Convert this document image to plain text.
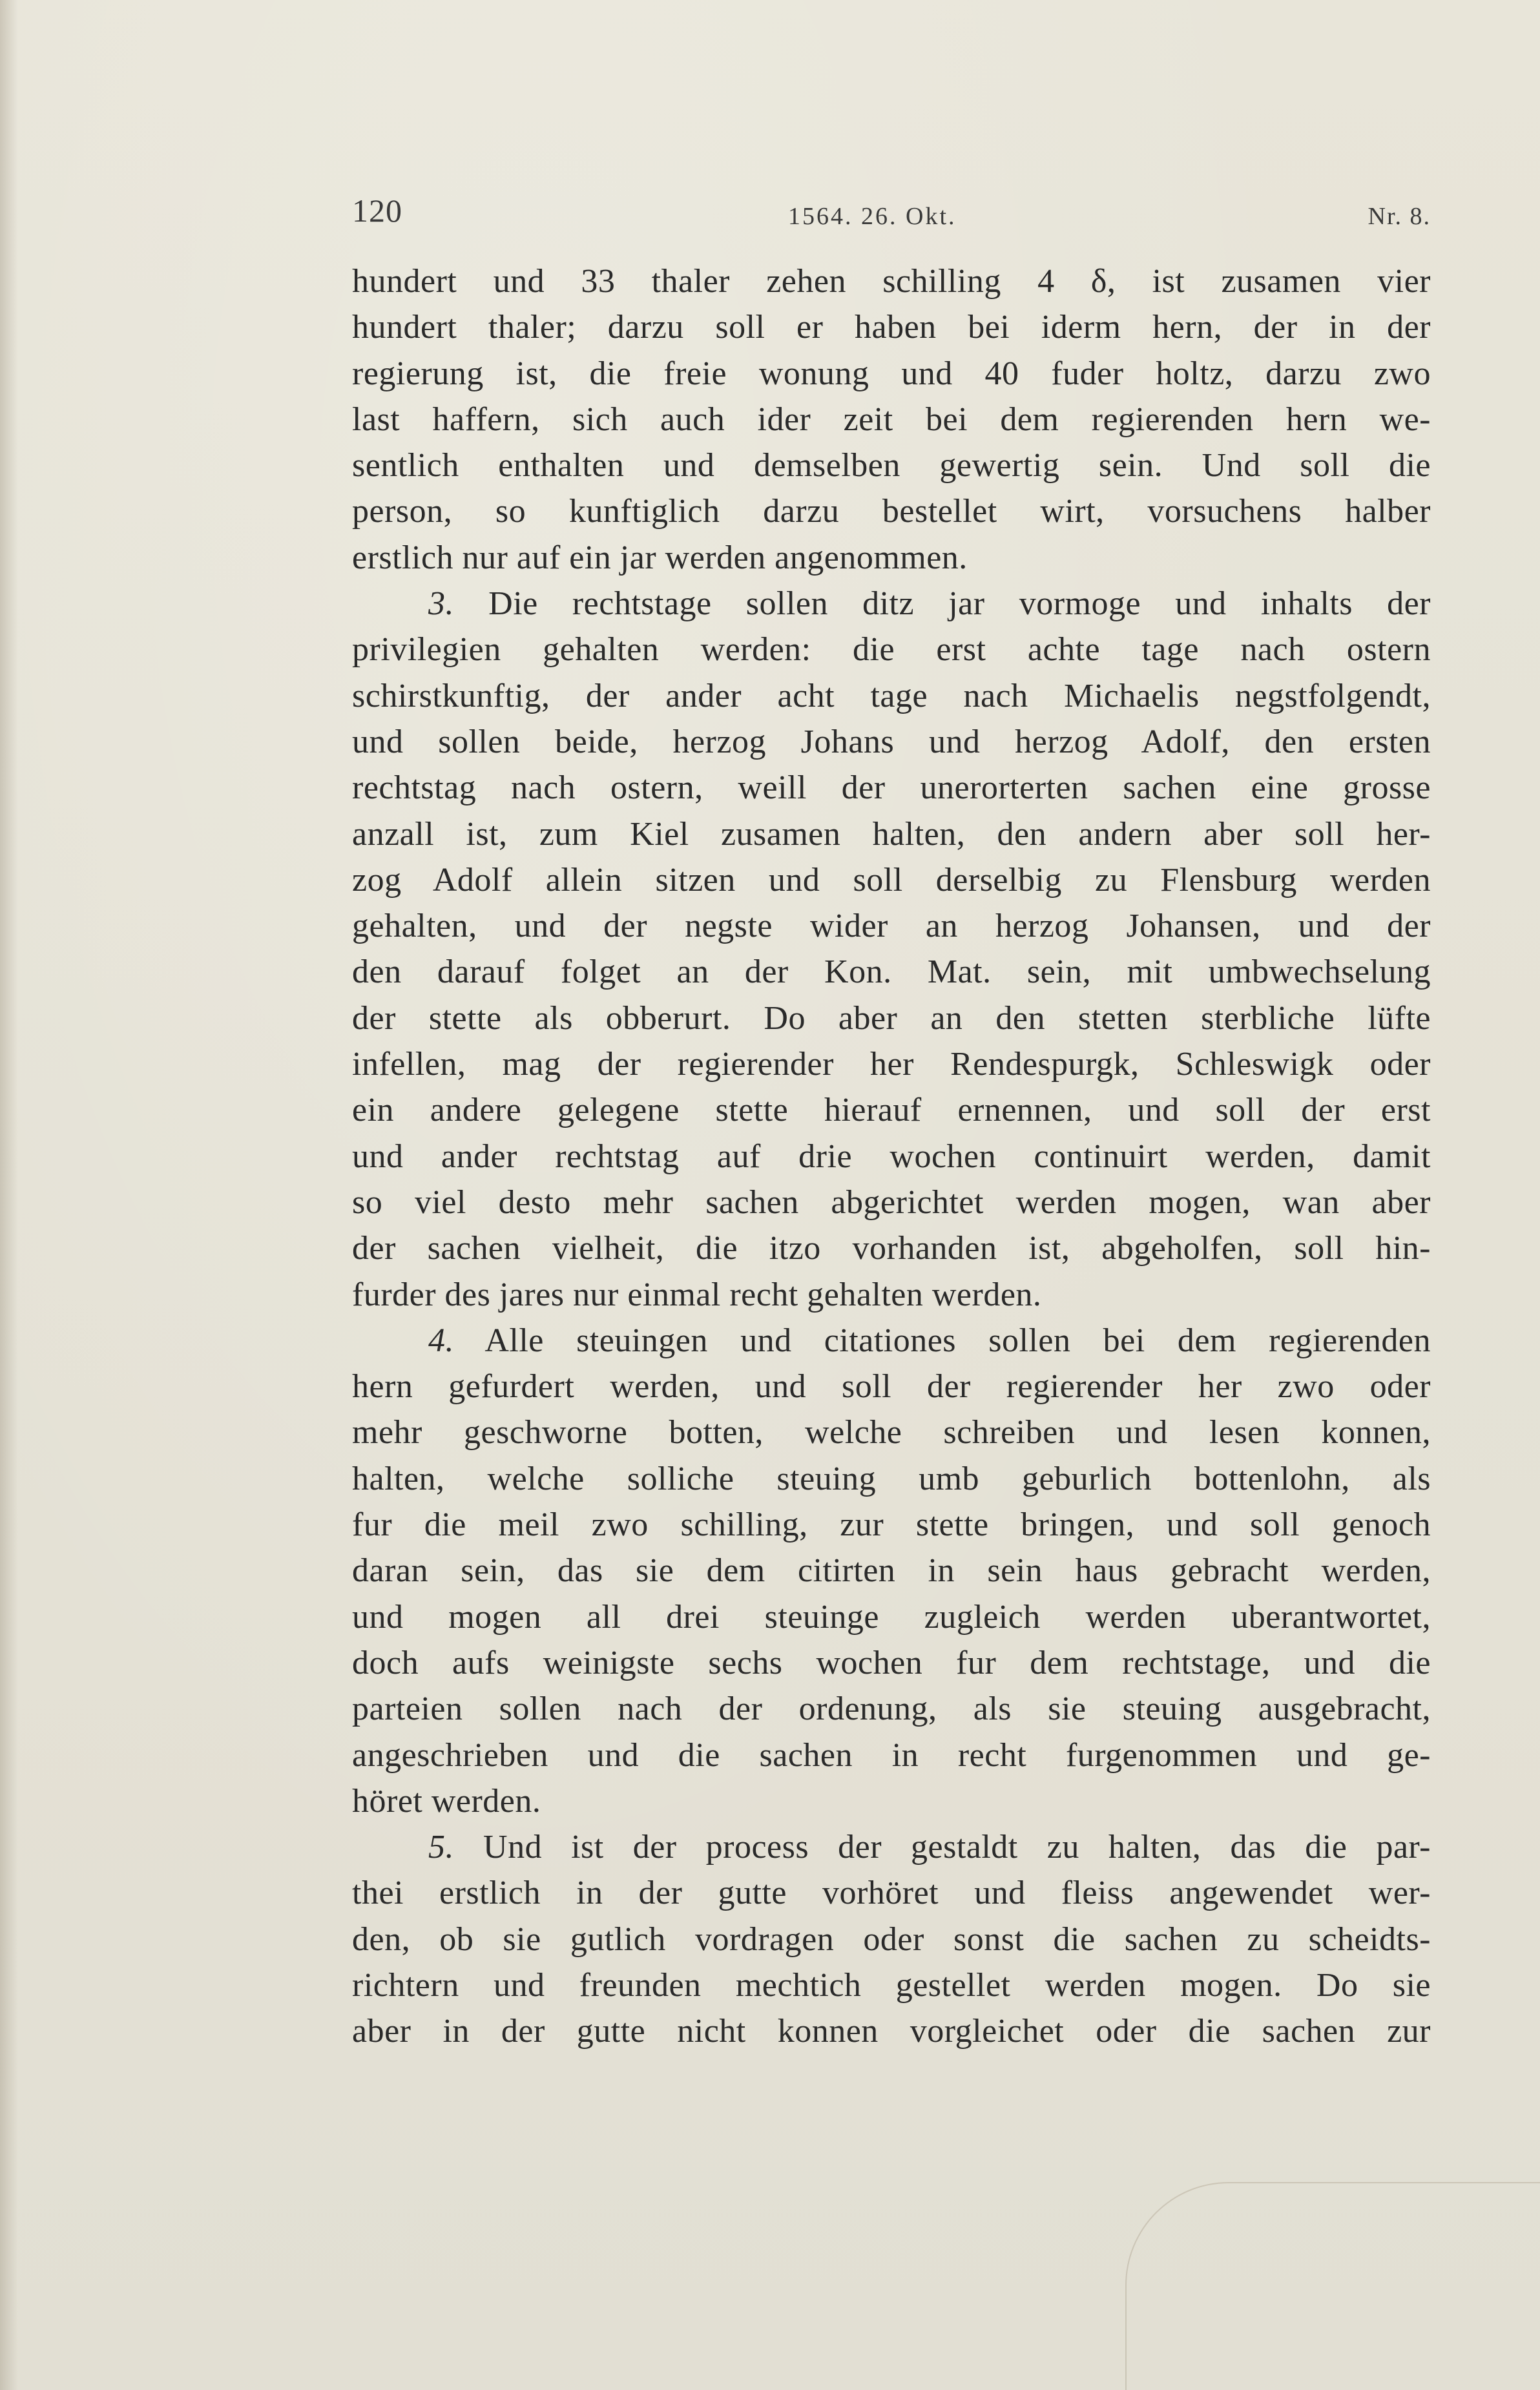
120	1564. 26. Okt.	Nr. 8.
hundert und 33 thaler zehen schilling 4 δ, ist zusamen vier
hundert thaler; darzu soll er haben bei iderm hern, der in der
regierung ist, die freie wonung und 40 fuder holtz, darzu zwo
last haffern, sich auch ider zeit bei dem regierenden hern we-
sentlich enthalten und demselben gewertig sein. Und soll die
person, so kunftiglich darzu bestellet wirt, vorsuchens halber
erstlich nur auf ein jar werden angenommen.
3. Die rechtstage sollen ditz jar vormoge und inhalts der
privilegien gehalten werden: die erst achte tage nach ostern
schirstkunftig, der ander acht tage nach Michaelis negstfolgendt,
und sollen beide, herzog Johans und herzog Adolf, den ersten
rechtstag nach ostern, weill der unerorterten sachen eine grosse
anzall ist, zum Kiel zusamen halten, den andern aber soll her-
zog Adolf allein sitzen und soll derselbig zu Flensburg werden
gehalten, und der negste wider an herzog Johansen, und der
den darauf folget an der Kon. Mat. sein, mit umbwechselung
der stette als obberurt. Do aber an den stetten sterbliche lüfte
infellen, mag der regierender her Rendespurgk, Schleswigk oder
ein andere gelegene stette hierauf ernennen, und soll der erst
und ander rechtstag auf drie wochen continuirt werden, damit
so viel desto mehr sachen abgerichtet werden mogen, wan aber
der sachen vielheit, die itzo vorhanden ist, abgeholfen, soll hin-
furder des jares nur einmal recht gehalten werden.
4. Alle steuingen und citationes sollen bei dem regierenden
hern gefurdert werden, und soll der regierender her zwo oder
mehr geschworne botten, welche schreiben und lesen konnen,
halten, welche solliche steuing umb geburlich bottenlohn, als
fur die meil zwo schilling, zur stette bringen, und soll genoch
daran sein, das sie dem citirten in sein haus gebracht werden,
und mogen all drei steuinge zugleich werden uberantwortet,
doch aufs weinigste sechs wochen fur dem rechtstage, und die
parteien sollen nach der ordenung, als sie steuing ausgebracht,
angeschrieben und die sachen in recht furgenommen und ge-
höret werden.
5. Und ist der process der gestaldt zu halten, das die par-
thei erstlich in der gutte vorhöret und fleiss angewendet wer-
den, ob sie gutlich vordragen oder sonst die sachen zu scheidts-
richtern und freunden mechtich gestellet werden mogen. Do sie
aber in der gutte nicht konnen vorgleichet oder die sachen zur
